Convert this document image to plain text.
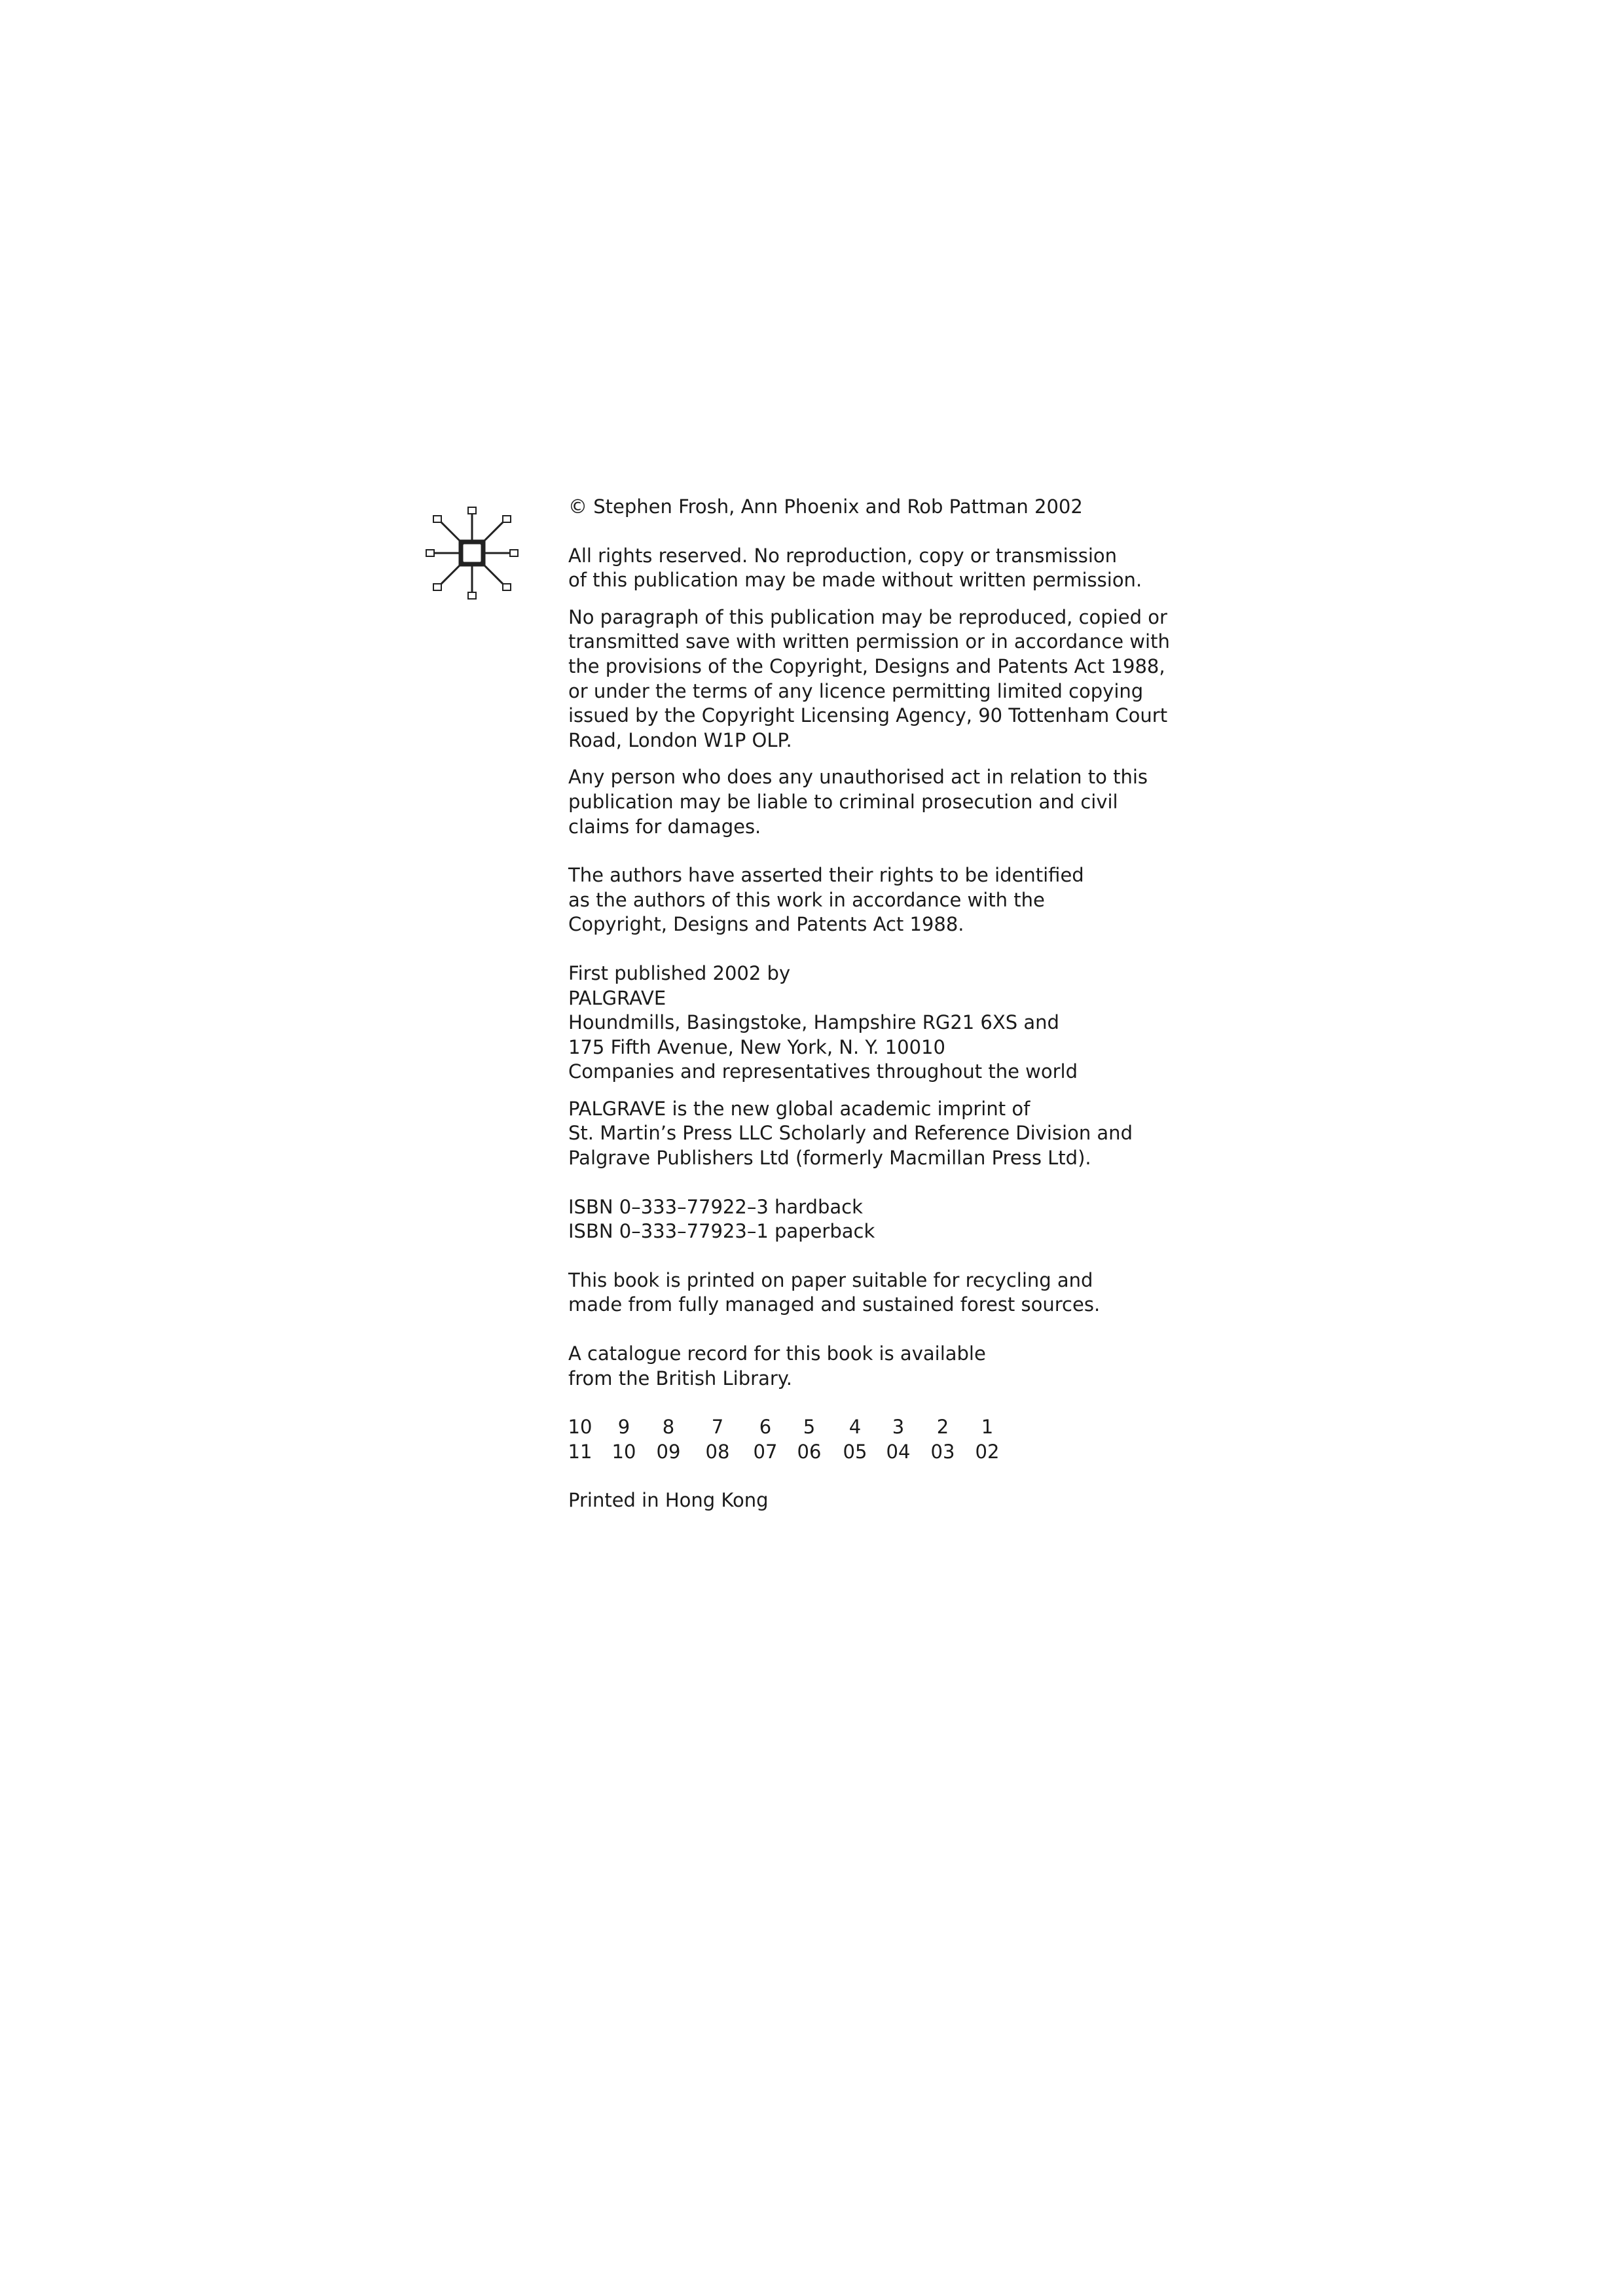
© Stephen Frosh, Ann Phoenix and Rob Pattman 2002
All rights reserved. No reproduction, copy or transmission
of this publication may be made without written permission.
No paragraph of this publication may be reproduced, copied or
transmitted save with written permission or in accordance with
the provisions of the Copyright, Designs and Patents Act 1988,
or under the terms of any licence permitting limited copying
issued by the Copyright Licensing Agency, 90 Tottenham Court
Road, London W1P OLP.
Any person who does any unauthorised act in relation to this
publication may be liable to criminal prosecution and civil
claims for damages.
The authors have asserted their rights to be identified
as the authors of this work in accordance with the
Copyright, Designs and Patents Act 1988.
First published 2002 by
PALGRAVE
Houndmills, Basingstoke, Hampshire RG21 6XS and
175 Fifth Avenue, New York, N. Y. 10010
Companies and representatives throughout the world
PALGRAVE is the new global academic imprint of
St. Martin’s Press LLC Scholarly and Reference Division and
Palgrave Publishers Ltd (formerly Macmillan Press Ltd).
ISBN 0–333–77922–3 hardback
ISBN 0–333–77923–1 paperback
This book is printed on paper suitable for recycling and
made from fully managed and sustained forest sources.
A catalogue record for this book is available
from the British Library.
10	9	8	7	6	5	4	3	2	1
11	10	09	08	07	06	05	04	03	02
Printed in Hong Kong
